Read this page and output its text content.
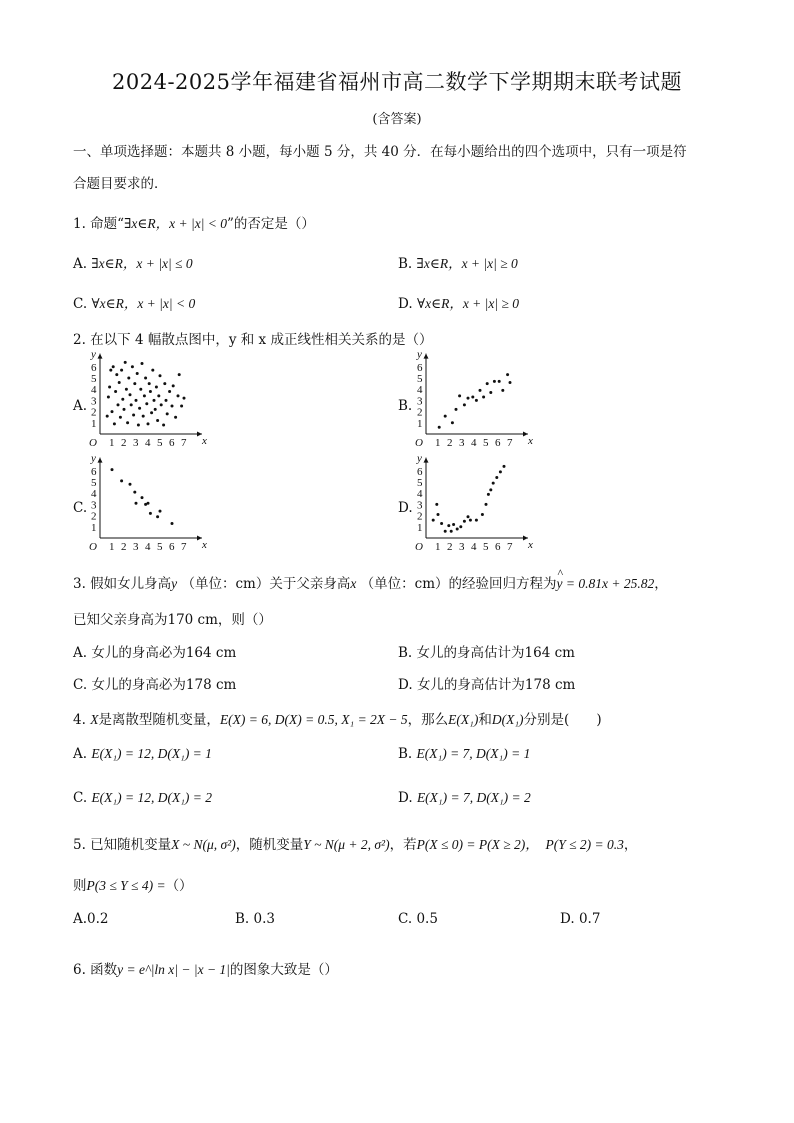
2024-2025学年福建省福州市高二数学下学期期末联考试题
(含答案)
一、单项选择题：本题共 8 小题，每小题 5 分，共 40 分．在每小题给出的四个选项中，只有一项是符
合题目要求的．
1. 命题“∃x∈R，x + |x| < 0”的否定是（）
A. ∃x∈R，x + |x| ≤ 0	B. ∃x∈R，x + |x| ≥ 0
C. ∀x∈R，x + |x| < 0	D. ∀x∈R，x + |x| ≥ 0
2. 在以下 4 幅散点图中，y 和 x 成正线性相关关系的是（）
A.	B.
C.	D.
O	x
y
1 2 3 4 5 6 7
1
2
3
4
5
6
O	x
y
1 2 3 4 5 6 7
1
2
3
4
5
6
O	x
y
1 2 3 4 5 6 7
1
2
3
4
5
6
O	x
y
1 2 3 4 5 6 7
1
2
3
4
5
6
3. 假如女儿身高y （单位：cm）关于父亲身高x （单位：cm）的经验回归方程为^ y = 0.81x + 25.82，
已知父亲身高为170 cm，则（）
A. 女儿的身高必为164 cm	B. 女儿的身高估计为164 cm
C. 女儿的身高必为178 cm	D. 女儿的身高估计为178 cm
4. X是离散型随机变量，E(X) = 6, D(X) = 0.5, X₁ = 2X − 5，那么E(X₁)和D(X₁)分别是(　　)
A. E(X₁) = 12, D(X₁) = 1	B. E(X₁) = 7, D(X₁) = 1
C. E(X₁) = 12, D(X₁) = 2	D. E(X₁) = 7, D(X₁) = 2
5. 已知随机变量X ~ N(μ, σ²)，随机变量Y ~ N(μ + 2, σ²)，若P(X ≤ 0) = P(X ≥ 2)，　P(Y ≤ 2) = 0.3，
则P(3 ≤ Y ≤ 4) =（）
A.0.2	B. 0.3	C. 0.5	D. 0.7
6. 函数y = e^|ln x| − |x − 1|的图象大致是（）
